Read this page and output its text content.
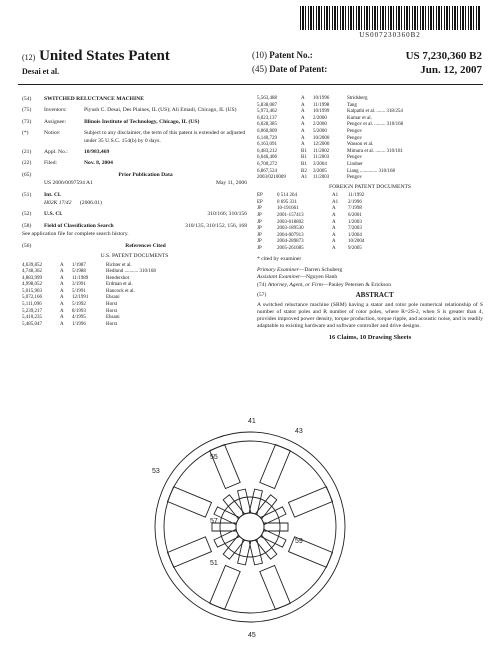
US007230360B2
(12) United States Patent
Desai et al.
(10) Patent No.:	US 7,230,360 B2
(45) Date of Patent:	Jun. 12, 2007
(54)	SWITCHED RELUCTANCE MACHINE
(75)	Inventors:	Piyush C. Desai, Des Plaines, IL (US); Ali Emadi, Chicago, IL (US)
(73)	Assignee:	Illinois Institute of Technology, Chicago, IL (US)
(*)	Notice:	Subject to any disclaimer, the term of this patent is extended or adjusted under 35 U.S.C. 154(b) by 0 days.
(21)	Appl. No.:	10/983,469
(22)	Filed:	Nov. 8, 2004
(65)	Prior Publication Data
US 2006/0097594 A1	May 11, 2006
(51)	Int. Cl.
H02K 17/42 (2006.01)
(52)	U.S. Cl.	310/166; 310/156
(58)	Field of Classification Search	310/135, 310/152, 156, 168
See application file for complete search history.
(56)	References Cited
U.S. PATENT DOCUMENTS
4,639,852	A	1/1987	Richter et al.
4,748,362	A	5/1988	Hedlund ........... 310/168
4,883,999	A	11/1989	Hendershot
4,998,052	A	3/1991	Erdman et al.
5,015,903	A	5/1991	Hancock et al.
5,072,166	A	12/1991	Ehsani
5,111,096	A	5/1992	Horst
5,239,217	A	8/1993	Horst
5,410,235	A	4/1995	Ehsani
5,485,047	A	1/1996	Horst
5,563,488	A	10/1996	Stridsberg
5,838,087	A	11/1998	Tang
5,973,462	A	10/1999	Kalpathi et al. ....... 318/254
6,023,137	A	2/2000	Kumar et al.
6,028,385	A	2/2000	Pengov et al. ......... 310/168
6,060,809	A	5/2000	Pengov
6,140,729	A	10/2000	Pengov
6,163,091	A	12/2000	Wasson et al.
6,483,212	B1	11/2002	Mimura et al. ........ 310/181
6,646,406	B1	11/2003	Pengov
6,700,272	B1	3/2004	Lindner
6,867,524	B2	3/2005	Liang .............. 310/168
2003/0210009	A1	11/2003	Pengov
FOREIGN PATENT DOCUMENTS
EP	0 514 264	A1	11/1992
EP	0 695 331	A1	2/1996
JP	10-191661	A	7/1998
JP	2001-157413	A	6/2001
JP	2003-018802	A	1/2003
JP	2003-189530	A	7/2003
JP	2004-007913	A	1/2004
JP	2004-289873	A	10/2004
JP	2005-261085	A	9/2005
* cited by examiner
Primary Examiner—Darren Schuberg
Assistant Examiner—Nguyen Hanh
(74) Attorney, Agent, or Firm—Pauley Petersen & Erickson
(57)	ABSTRACT
A switched reluctance machine (SRM) having a stator and rotor pole numerical relationship of S number of stator poles and R number of rotor poles, where R=2S-2, when S is greater than 4, provides improved power density, torque production, torque ripple, and acoustic noise, and is readily adaptable to existing hardware and software controller and drive designs.
16 Claims, 10 Drawing Sheets
41
43
45
53
55
57
59
51
